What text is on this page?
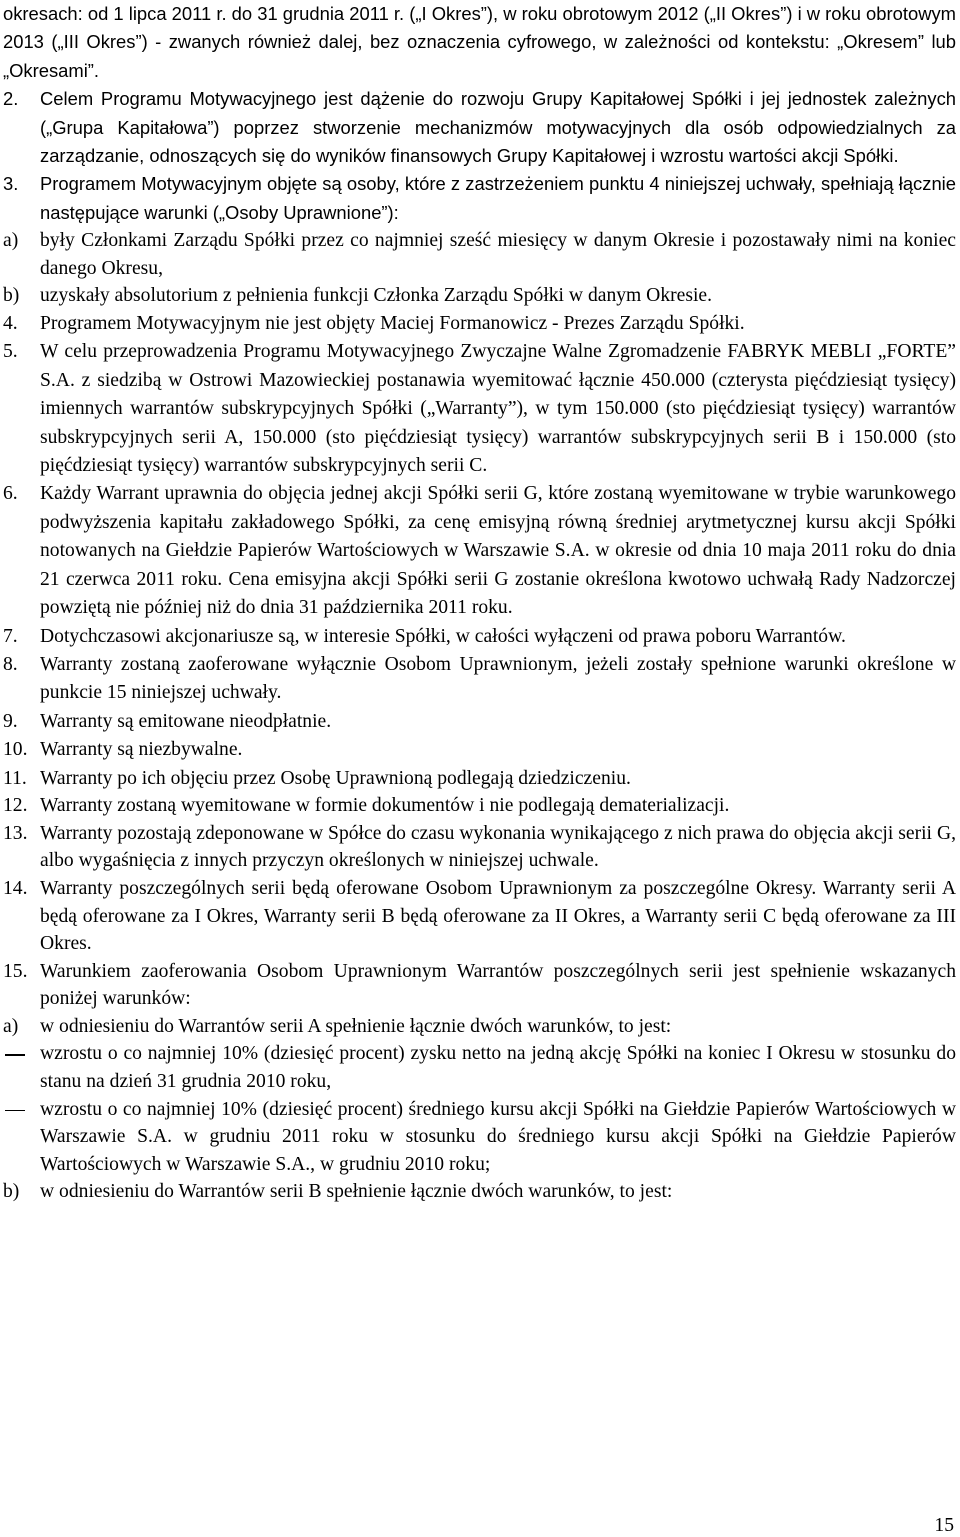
okresach: od 1 lipca 2011 r. do 31 grudnia 2011 r. („I Okres”), w roku obrotowym 2012 („II Okres”) i w roku obrotowym 2013 („III Okres”) - zwanych również dalej, bez oznaczenia cyfrowego, w zależności od kontekstu: „Okresem” lub „Okresami”.
2.	Celem Programu Motywacyjnego jest dążenie do rozwoju Grupy Kapitałowej Spółki i jej jednostek zależnych („Grupa Kapitałowa”) poprzez stworzenie mechanizmów motywacyjnych dla osób odpowiedzialnych za zarządzanie, odnoszących się do wyników finansowych Grupy Kapitałowej i wzrostu wartości akcji Spółki.
3.	Programem Motywacyjnym objęte są osoby, które z zastrzeżeniem punktu 4 niniejszej uchwały, spełniają łącznie następujące warunki („Osoby Uprawnione”):
a)	były Członkami Zarządu Spółki przez co najmniej sześć miesięcy w danym Okresie i pozostawały nimi na koniec danego Okresu,
b)	uzyskały absolutorium z pełnienia funkcji Członka Zarządu Spółki w danym Okresie.
4.	Programem Motywacyjnym nie jest objęty Maciej Formanowicz - Prezes Zarządu Spółki.
5.	W celu przeprowadzenia Programu Motywacyjnego Zwyczajne Walne Zgromadzenie FABRYK MEBLI „FORTE” S.A. z siedzibą w Ostrowi Mazowieckiej postanawia wyemitować łącznie 450.000 (czterysta pięćdziesiąt tysięcy) imiennych warrantów subskrypcyjnych Spółki („Warranty”), w tym 150.000 (sto pięćdziesiąt tysięcy) warrantów subskrypcyjnych serii A, 150.000 (sto pięćdziesiąt tysięcy) warrantów subskrypcyjnych serii B i 150.000 (sto pięćdziesiąt tysięcy) warrantów subskrypcyjnych serii C.
6.	Każdy Warrant uprawnia do objęcia jednej akcji Spółki serii G, które zostaną wyemitowane w trybie warunkowego podwyższenia kapitału zakładowego Spółki, za cenę emisyjną równą średniej arytmetycznej kursu akcji Spółki notowanych na Giełdzie Papierów Wartościowych w Warszawie S.A. w okresie od dnia 10 maja 2011 roku do dnia 21 czerwca 2011 roku. Cena emisyjna akcji Spółki serii G zostanie określona kwotowo uchwałą Rady Nadzorczej powziętą nie później niż do dnia 31 października 2011 roku.
7.	Dotychczasowi akcjonariusze są, w interesie Spółki, w całości wyłączeni od prawa poboru Warrantów.
8.	Warranty zostaną zaoferowane wyłącznie Osobom Uprawnionym, jeżeli zostały spełnione warunki określone w punkcie 15 niniejszej uchwały.
9.	Warranty są emitowane nieodpłatnie.
10. Warranty są niezbywalne.
11. Warranty po ich objęciu przez Osobę Uprawnioną podlegają dziedziczeniu.
12. Warranty zostaną wyemitowane w formie dokumentów i nie podlegają dematerializacji.
13. Warranty pozostają zdeponowane w Spółce do czasu wykonania wynikającego z nich prawa do objęcia akcji serii G, albo wygaśnięcia z innych przyczyn określonych w niniejszej uchwale.
14. Warranty poszczególnych serii będą oferowane Osobom Uprawnionym za poszczególne Okresy. Warranty serii A będą oferowane za I Okres, Warranty serii B będą oferowane za II Okres, a Warranty serii C będą oferowane za III Okres.
15. Warunkiem zaoferowania Osobom Uprawnionym Warrantów poszczególnych serii jest spełnienie wskazanych poniżej warunków:
a)	w odniesieniu do Warrantów serii A spełnienie łącznie dwóch warunków, to jest:
wzrostu o co najmniej 10% (dziesięć procent) zysku netto na jedną akcję Spółki na koniec I Okresu w stosunku do stanu na dzień 31 grudnia 2010 roku,
wzrostu o co najmniej 10% (dziesięć procent) średniego kursu akcji Spółki na Giełdzie Papierów Wartościowych w Warszawie S.A. w grudniu 2011 roku w stosunku do średniego kursu akcji Spółki na Giełdzie Papierów Wartościowych w Warszawie S.A., w grudniu 2010 roku;
b)	w odniesieniu do Warrantów serii B spełnienie łącznie dwóch warunków, to jest:
15
